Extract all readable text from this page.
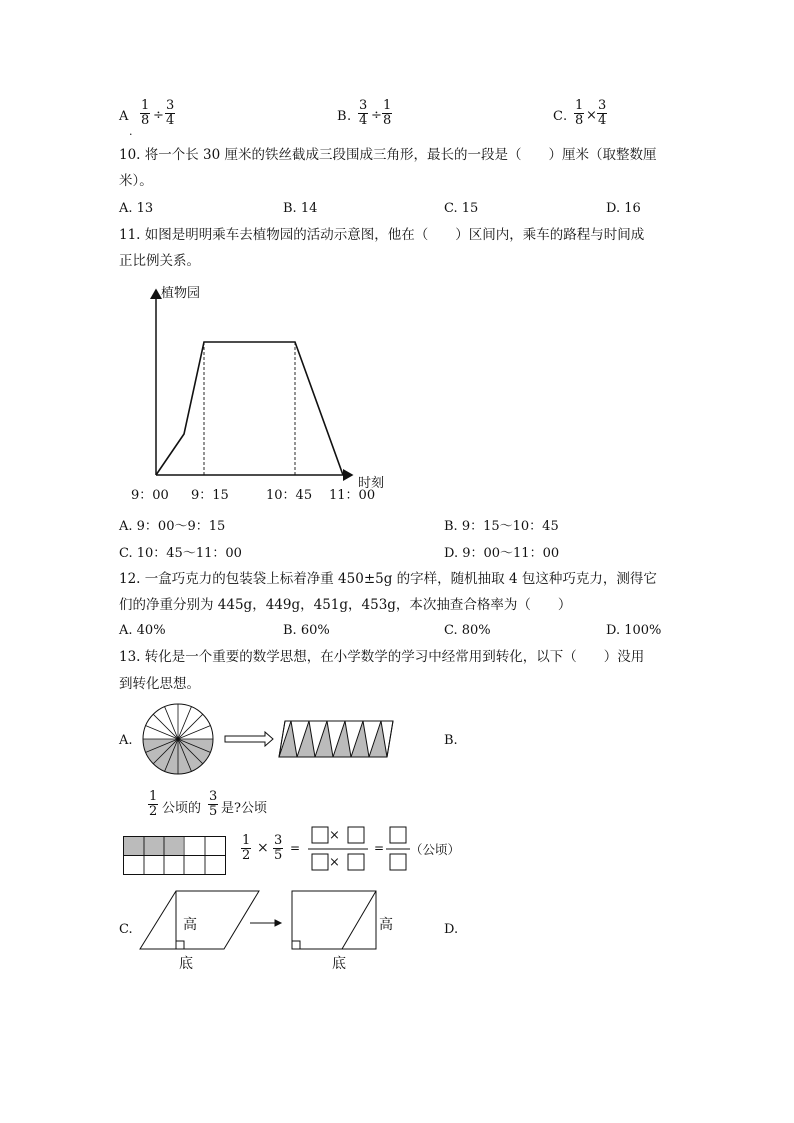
A
.
$\frac{1}{8} \div \frac{3}{4}$	B . $\frac{3}{4} \div \frac{1}{8}$	C . $\frac{1}{8} \times \frac{3}{4}$
10. 将一个长 30 厘米的铁丝截成三段围成三角形，最长的一段是（　　）厘米（取整数厘
米）。
A. 13	B. 14	C. 15	D. 16
11. 如图是明明乘车去植物园的活动示意图，他在（　　）区间内，乘车的路程与时间成
正比例关系。
植物园
时刻
9：00 9：15	10：45 11：00
A. 9：00～9：15	B. 9：15～10：45
C. 10：45～11：00	D. 9：00～11：00
12. 一盒巧克力的包装袋上标着净重 450±5g 的字样，随机抽取 4 包这种巧克力，测得它
们的净重分别为 445g，449g，451g，453g，本次抽查合格率为（　　）
A. 40%	B. 60%	C. 80%	D. 100%
13. 转化是一个重要的数学思想，在小学数学的学习中经常用到转化，以下（　　）没用
到转化思想。
A.	B.
$\frac{1}{2}$ 公顷的 $\frac{3}{5}$ 是?公顷
$\frac{1}{2} \times \frac{3}{5}$ =
×
×
= （公顷）
C.	高	高
底	底
D.
